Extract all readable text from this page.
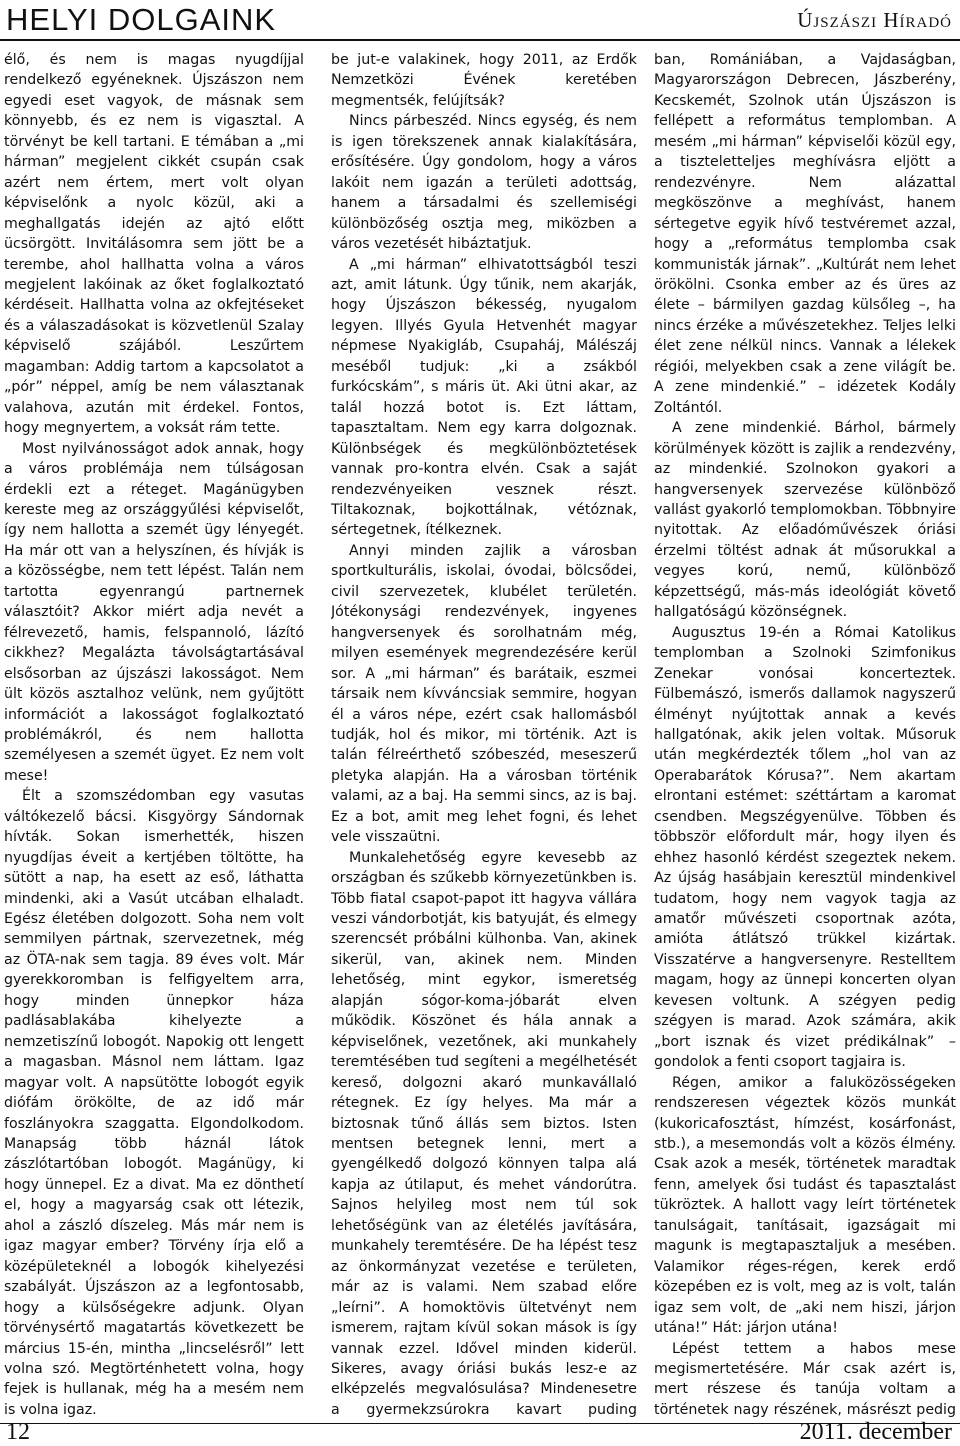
HELYI DOLGAINK	Újszászi Híradó

élő, és nem is magas nyugdíjjal rendelkező egyéneknek. Újszászon nem egyedi eset vagyok, de másnak sem könnyebb, és ez nem is vigasztal. A törvényt be kell tartani. E témában a „mi hárman” megjelent cikkét csupán csak azért nem értem, mert volt olyan képviselőnk a nyolc közül, aki a meghallgatás idején az ajtó előtt ücsörgött. Invitálásomra sem jött be a terembe, ahol hallhatta volna a város megjelent lakóinak az őket foglalkoztató kérdéseit. Hallhatta volna az okfejtéseket és a válaszadásokat is közvetlenül Szalay képviselő szájából. Leszűrtem magamban: Addig tartom a kapcsolatot a „pór” néppel, amíg be nem választanak valahova, azután mit érdekel. Fontos, hogy megnyertem, a voksát rám tette.

Most nyilvánosságot adok annak, hogy a város problémája nem túlságosan érdekli ezt a réteget. Magánügyben kereste meg az országgyűlési képviselőt, így nem hallotta a szemét ügy lényegét. Ha már ott van a helyszínen, és hívják is a közösségbe, nem tett lépést. Talán nem tartotta egyenrangú partnernek választóit? Akkor miért adja nevét a félrevezető, hamis, felspannoló, lázító cikkhez? Megalázta távolságtartásával elsősorban az újszászi lakosságot. Nem ült közös asztalhoz velünk, nem gyűjtött információt a lakosságot foglalkoztató problémákról, és nem hallotta személyesen a szemét ügyet. Ez nem volt mese!

Élt a szomszédomban egy vasutas váltókezelő bácsi. Kisgyörgy Sándornak hívták. Sokan ismerhették, hiszen nyugdíjas éveit a kertjében töltötte, ha sütött a nap, ha esett az eső, láthatta mindenki, aki a Vasút utcában elhaladt. Egész életében dolgozott. Soha nem volt semmilyen pártnak, szervezetnek, még az ÖTA-nak sem tagja. 89 éves volt. Már gyerekkoromban is felfigyeltem arra, hogy minden ünnepkor háza padlásablakába kihelyezte a nemzetiszínű lobogót. Napokig ott lengett a magasban. Másnol nem láttam. Igaz magyar volt. A napsütötte lobogót egyik diófám örökölte, de az idő már foszlányokra szaggatta. Elgondolkodom. Manapság több háznál látok zászlótartóban lobogót. Magánügy, ki hogy ünnepel. Ez a divat. Ma ez dönthetí el, hogy a magyarság csak ott létezik, ahol a zászló díszeleg. Más már nem is igaz magyar ember? Törvény írja elő a középületeknél a lobogók kihelyezési szabályát. Újszászon az a legfontosabb, hogy a külsőségekre adjunk. Olyan törvénysértő magatartás következett be március 15-én, mintha „lincselésről” lett volna szó. Megtörténhetett volna, hogy fejek is hullanak, még ha a mesém nem is volna igaz.

be jut-e valakinek, hogy 2011, az Erdők Nemzetközi Évének keretében megmentsék, felújítsák?

Nincs párbeszéd. Nincs egység, és nem is igen törekszenek annak kialakítására, erősítésére. Úgy gondolom, hogy a város lakóit nem igazán a területi adottság, hanem a társadalmi és szellemiségi különbözőség osztja meg, miközben a város vezetését hibáztatjuk.

A „mi hárman” elhivatottságból teszi azt, amit látunk. Úgy tűnik, nem akarják, hogy Újszászon békesség, nyugalom legyen. Illyés Gyula Hetvenhét magyar népmese Nyakigláb, Csupaháj, Málészáj meséből tudjuk: „ki a zsákból furkócskám”, s máris üt. Aki ütni akar, az talál hozzá botot is. Ezt láttam, tapasztaltam. Nem egy karra dolgoznak. Különbségek és megkülönböztetések vannak pro-kontra elvén. Csak a saját rendezvényeiken vesznek részt. Tiltakoznak, bojkottálnak, vétóznak, sértegetnek, ítélkeznek.

Annyi minden zajlik a városban sportkulturális, iskolai, óvodai, bölcsődei, civil szervezetek, klubélet területén. Jótékonysági rendezvények, ingyenes hangversenyek és sorolhatnám még, milyen események megrendezésére kerül sor. A „mi hárman” és barátaik, eszmei társaik nem kívváncsiak semmire, hogyan él a város népe, ezért csak hallomásból tudják, hol és mikor, mi történik. Azt is talán félreérthető szóbeszéd, meseszerű pletyka alapján. Ha a városban történik valami, az a baj. Ha semmi sincs, az is baj. Ez a bot, amit meg lehet fogni, és lehet vele visszaütni.

Munkalehetőség egyre kevesebb az országban és szűkebb környezetünkben is. Több fiatal csapot-papot itt hagyva vállára veszi vándorbotját, kis batyuját, és elmegy szerencsét próbálni külhonba. Van, akinek sikerül, van, akinek nem. Minden lehetőség, mint egykor, ismeretség alapján sógor-koma-jóbarát elven működik. Köszönet és hála annak a képviselőnek, vezetőnek, aki munkahely teremtésében tud segíteni a megélhetését kereső, dolgozni akaró munkavállaló rétegnek. Ez így helyes. Ma már a biztosnak tűnő állás sem biztos. Isten mentsen betegnek lenni, mert a gyengélkedő dolgozó könnyen talpa alá kapja az útilaput, és mehet vándorútra. Sajnos helyileg most nem túl sok lehetőségünk van az életélés javítására, munkahely teremtésére. De ha lépést tesz az önkormányzat vezetése e területen, már az is valami. Nem szabad előre „leírni”. A homoktövis ültetvényt nem ismerem, rajtam kívül sokan mások is így vannak ezzel. Idővel minden kiderül. Sikeres, avagy óriási bukás lesz-e az elképzelés megvalósulása? Mindenesetre a gyermekzsúrokra kavart puding

ban, Romániában, a Vajdaságban, Magyarországon Debrecen, Jászberény, Kecskemét, Szolnok után Újszászon is fellépett a református templomban. A mesém „mi hárman” képviselői közül egy, a tiszteletteljes meghívásra eljött a rendezvényre. Nem alázattal megköszönve a meghívást, hanem sértegetve egyik hívő testvéremet azzal, hogy a „református templomba csak kommunisták járnak”. „Kultúrát nem lehet örökölni. Csonka ember az és üres az élete – bármilyen gazdag külsőleg –, ha nincs érzéke a művészetekhez. Teljes lelki élet zene nélkül nincs. Vannak a lélekek régiói, melyekben csak a zene világít be. A zene mindenkié.” – idézetek Kodály Zoltántól.

A zene mindenkié. Bárhol, bármely körülmények között is zajlik a rendezvény, az mindenkié. Szolnokon gyakori a hangversenyek szervezése különböző vallást gyakorló templomokban. Többnyire nyitottak. Az előadóművészek óriási érzelmi töltést adnak át műsorukkal a vegyes korú, nemű, különböző képzettségű, más-más ideológiát követő hallgatóságú közönségnek.

Augusztus 19-én a Római Katolikus templomban a Szolnoki Szimfonikus Zenekar vonósai koncerteztek. Fülbemászó, ismerős dallamok nagyszerű élményt nyújtottak annak a kevés hallgatónak, akik jelen voltak. Műsoruk után megkérdezték tőlem „hol van az Operabarátok Kórusa?”. Nem akartam elrontani estémet: széttártam a karomat csendben. Megszégyenülve. Többen és többször előfordult már, hogy ilyen és ehhez hasonló kérdést szegeztek nekem. Az újság hasábjain keresztül mindenkivel tudatom, hogy nem vagyok tagja az amatőr művészeti csoportnak azóta, amióta átlátszó trükkel kizártak. Visszatérve a hangversenyre. Restelltem magam, hogy az ünnepi koncerten olyan kevesen voltunk. A szégyen pedig szégyen is marad. Azok számára, akik „bort isznak és vizet prédikálnak” – gondolok a fenti csoport tagjaira is.

Régen, amikor a faluközösségeken rendszeresen végeztek közös munkát (kukoricafosztást, hímzést, kosárfonást, stb.), a mesemondás volt a közös élmény. Csak azok a mesék, történetek maradtak fenn, amelyek ősi tudást és tapasztalást tükröztek. A hallott vagy leírt történetek tanulságait, tanításait, igazságait mi magunk is megtapasztaljuk a mesében. Valamikor réges-régen, kerek erdő közepében ez is volt, meg az is volt, talán igaz sem volt, de „aki nem hiszi, járjon utána!” Hát: járjon utána!

Lépést tettem a habos mese megismertetésére. Már csak azért is, mert részese és tanúja voltam a történetek nagy részének, másrészt pedig

12	2011. december
